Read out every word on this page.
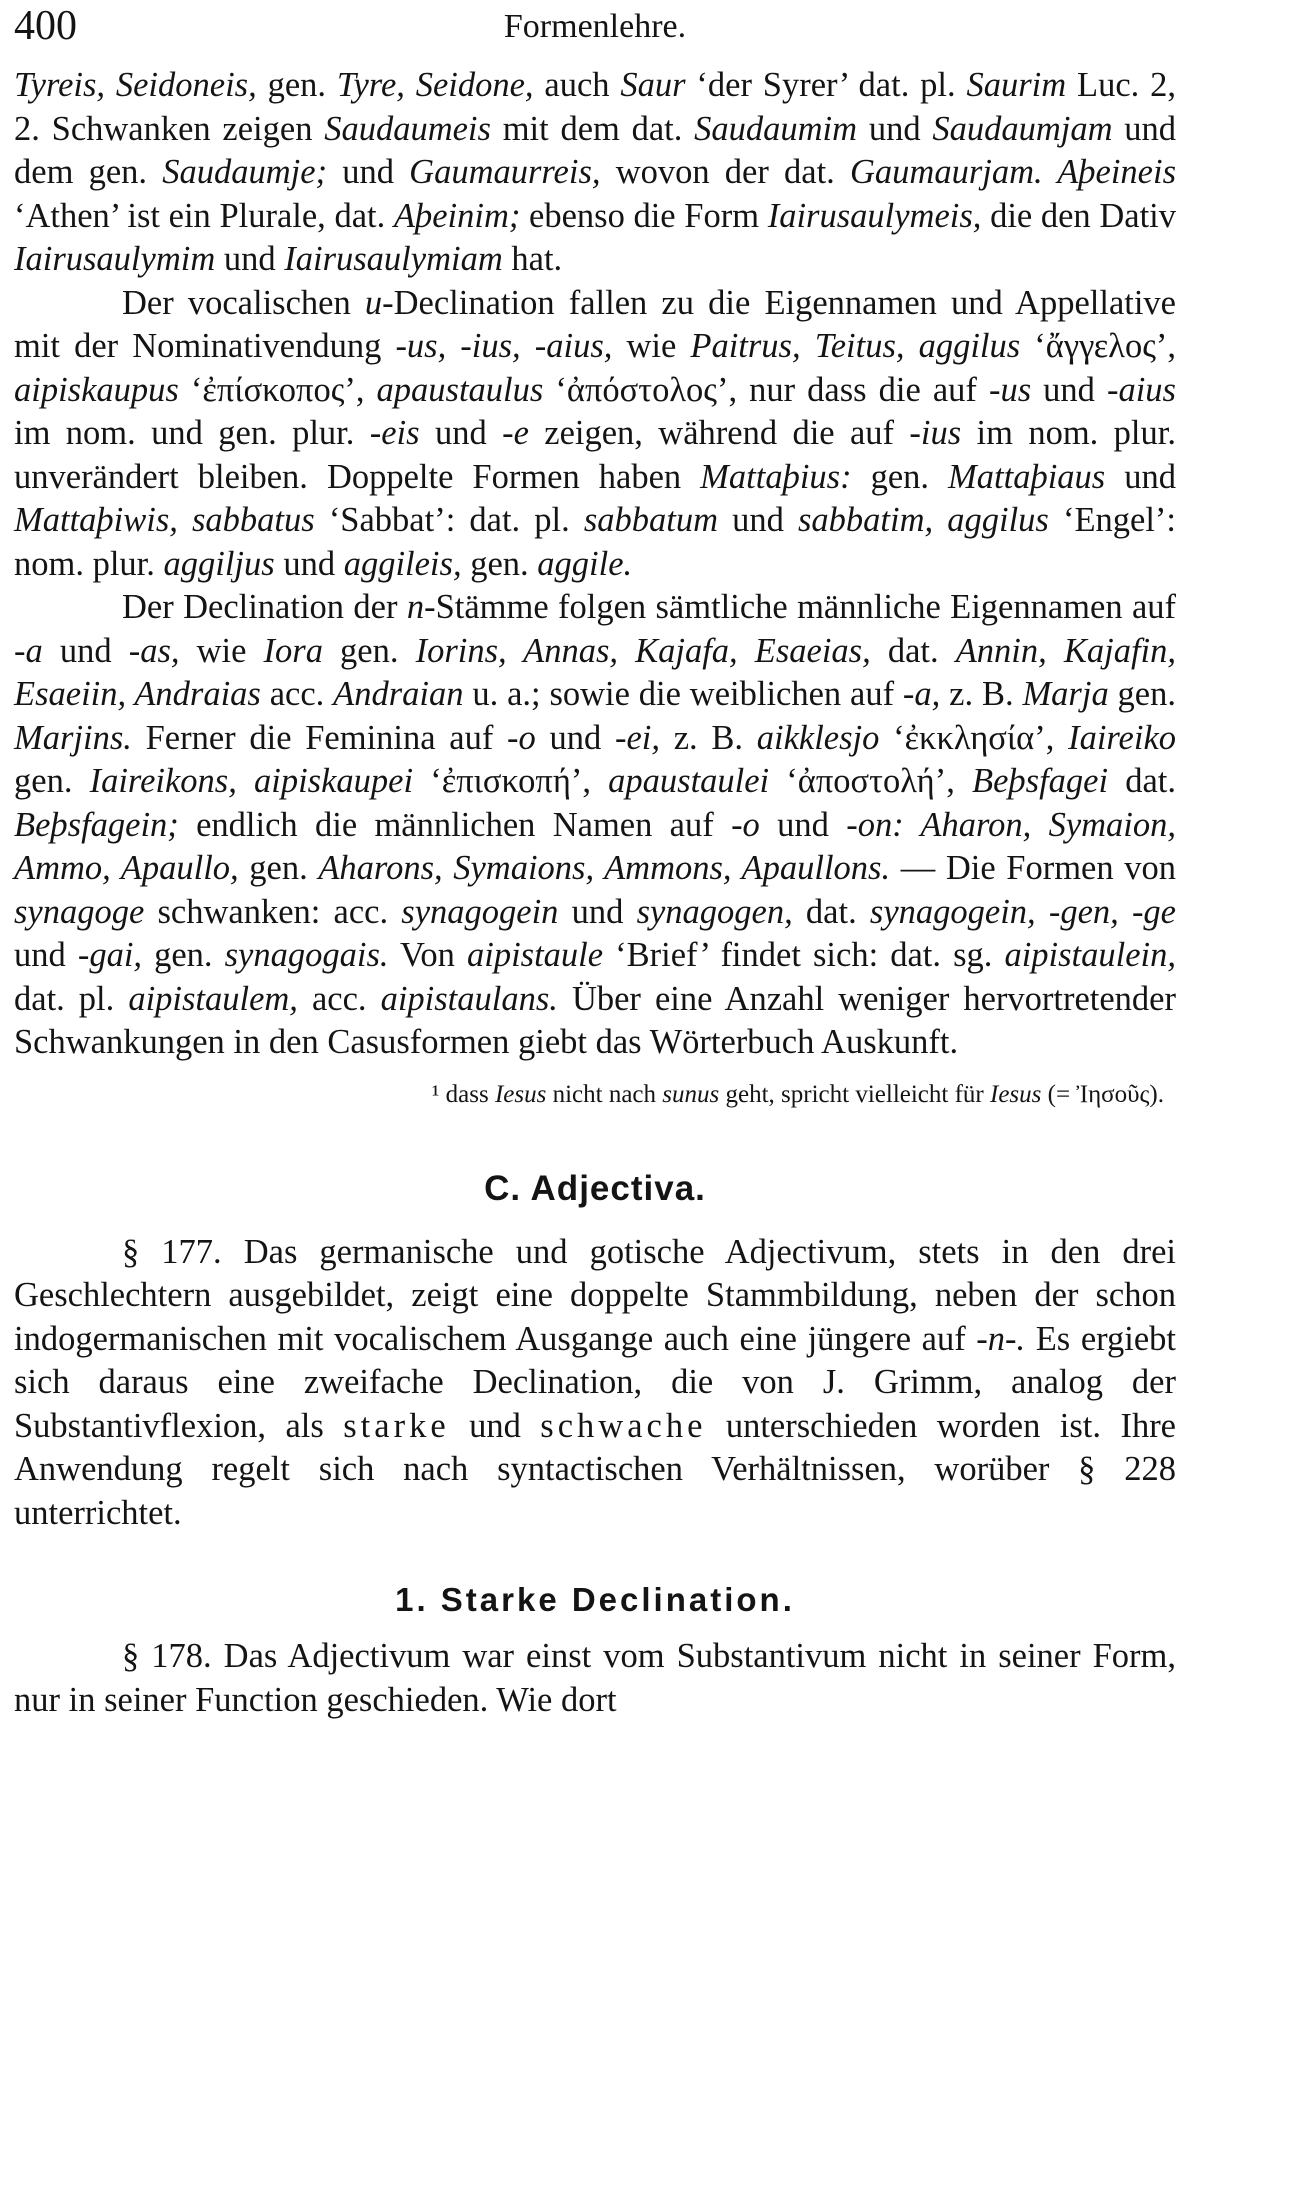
400	Formenlehre.

Tyreis, Seidoneis, gen. Tyre, Seidone, auch Saur ‘der Syrer’ dat. pl. Saurim Luc. 2, 2. Schwanken zeigen Saudaumeis mit dem dat. Saudaumim und Saudaumjam und dem gen. Saudaumje; und Gaumaurreis, wovon der dat. Gaumaurjam. Aþeineis ‘Athen’ ist ein Plurale, dat. Aþeinim; ebenso die Form Iairusaulymeis, die den Dativ Iairusaulymim und Iairusaulymiam hat.

Der vocalischen u-Declination fallen zu die Eigennamen und Appellative mit der Nominativendung -us, -ius, -aius, wie Paitrus, Teitus, aggilus ‘ἄγγελος’, aipiskaupus ‘ἐπίσκοπος’, apaustaulus ‘ἀπόστολος’, nur dass die auf -us und -aius im nom. und gen. plur. -eis und -e zeigen, während die auf -ius im nom. plur. unverändert bleiben. Doppelte Formen haben Mattaþius: gen. Mattaþiaus und Mattaþiwis, sabbatus ‘Sabbat’: dat. pl. sabbatum und sabbatim, aggilus ‘Engel’: nom. plur. aggiljus und aggileis, gen. aggile.

Der Declination der n-Stämme folgen sämtliche männliche Eigennamen auf -a und -as, wie Iora gen. Iorins, Annas, Kajafa, Esaeias, dat. Annin, Kajafin, Esaeiin, Andraias acc. Andraian u. a.; sowie die weiblichen auf -a, z. B. Marja gen. Marjins. Ferner die Feminina auf -o und -ei, z. B. aikklesjo ‘ἐκκλησία’, Iaireiko gen. Iaireikons, aipiskaupei ‘ἐπισκοπή’, apaustaulei ‘ἀποστολή’, Beþsfagei dat. Beþsfagein; endlich die männlichen Namen auf -o und -on: Aharon, Symaion, Ammo, Apaullo, gen. Aharons, Symaions, Ammons, Apaullons. — Die Formen von synagoge schwanken: acc. synagogein und synagogen, dat. synagogein, -gen, -ge und -gai, gen. synagogais. Von aipistaule ‘Brief’ findet sich: dat. sg. aipistaulein, dat. pl. aipistaulem, acc. aipistaulans. Über eine Anzahl weniger hervortretender Schwankungen in den Casusformen giebt das Wörterbuch Auskunft.

¹ dass Iesus nicht nach sunus geht, spricht vielleicht für Iesus (= Ἰησοῦς).

C. Adjectiva.

§ 177. Das germanische und gotische Adjectivum, stets in den drei Geschlechtern ausgebildet, zeigt eine doppelte Stammbildung, neben der schon indogermanischen mit vocalischem Ausgange auch eine jüngere auf -n-. Es ergiebt sich daraus eine zweifache Declination, die von J. Grimm, analog der Substantivflexion, als starke und schwache unterschieden worden ist. Ihre Anwendung regelt sich nach syntactischen Verhältnissen, worüber § 228 unterrichtet.

1. Starke Declination.

§ 178. Das Adjectivum war einst vom Substantivum nicht in seiner Form, nur in seiner Function geschieden. Wie dort
